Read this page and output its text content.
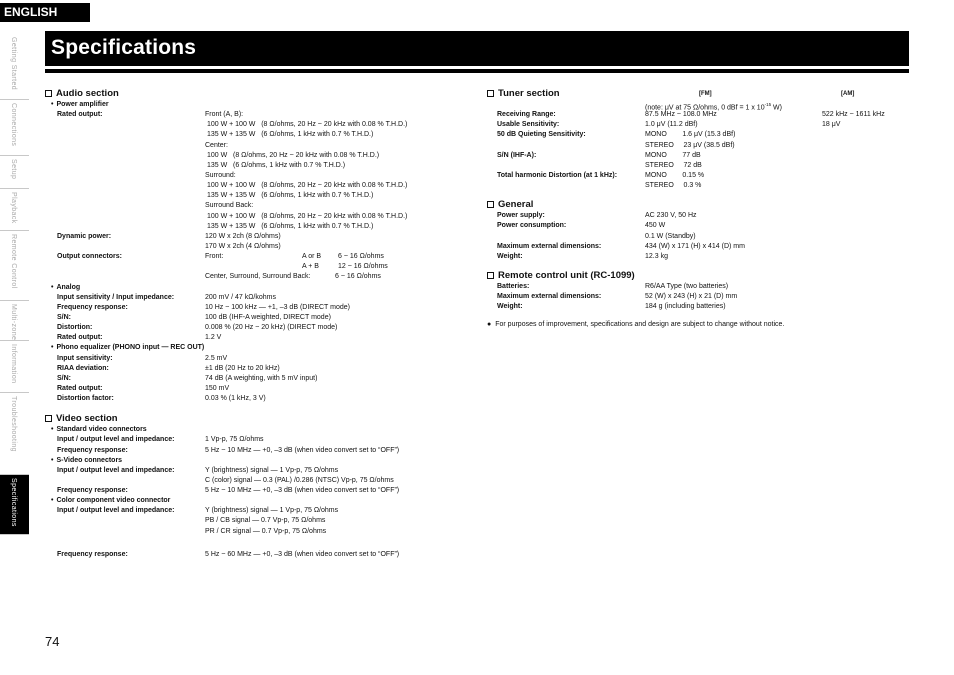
ENGLISH
Specifications
Getting Started
Connections
Setup
Playback
Remote Control
Multi-zone
Information
Troubleshooting
Specifications
Audio section
• Power amplifier
Rated output:	Front (A, B):
100 W + 100 W   (8 Ω/ohms, 20 Hz ~ 20 kHz with 0.08 % T.H.D.)
135 W + 135 W   (6 Ω/ohms, 1 kHz with 0.7 % T.H.D.)
Center:
100 W   (8 Ω/ohms, 20 Hz ~ 20 kHz with 0.08 % T.H.D.)
135 W   (6 Ω/ohms, 1 kHz with 0.7 % T.H.D.)
Surround:
100 W + 100 W   (8 Ω/ohms, 20 Hz ~ 20 kHz with 0.08 % T.H.D.)
135 W + 135 W   (6 Ω/ohms, 1 kHz with 0.7 % T.H.D.)
Surround Back:
100 W + 100 W   (8 Ω/ohms, 20 Hz ~ 20 kHz with 0.08 % T.H.D.)
135 W + 135 W   (6 Ω/ohms, 1 kHz with 0.7 % T.H.D.)
Dynamic power:	120 W x 2ch (8 Ω/ohms)
170 W x 2ch (4 Ω/ohms)
Output connectors:	Front:	A or B	6 ~ 16 Ω/ohms
A + B	12 ~ 16 Ω/ohms
Center, Surround, Surround Back:	6 ~ 16 Ω/ohms
• Analog
Input sensitivity / Input impedance:	200 mV / 47 kΩ/kohms
Frequency response:	10 Hz ~ 100 kHz — +1, –3 dB (DIRECT mode)
S/N:	100 dB (IHF-A weighted, DIRECT mode)
Distortion:	0.008 % (20 Hz ~ 20 kHz) (DIRECT mode)
Rated output:	1.2 V
• Phono equalizer (PHONO input — REC OUT)
Input sensitivity:	2.5 mV
RIAA deviation:	±1 dB (20 Hz to 20 kHz)
S/N:	74 dB (A weighting, with 5 mV input)
Rated output:	150 mV
Distortion factor:	0.03 % (1 kHz, 3 V)
Video section
• Standard video connectors
Input / output level and impedance:	1 Vp-p, 75 Ω/ohms
Frequency response:	5 Hz ~ 10 MHz — +0, –3 dB (when video convert set to “OFF”)
• S-Video connectors
Input / output level and impedance:	Y (brightness) signal — 1 Vp-p, 75 Ω/ohms
C (color) signal — 0.3 (PAL) /0.286 (NTSC) Vp-p, 75 Ω/ohms
Frequency response:	5 Hz ~ 10 MHz — +0, –3 dB (when video convert set to “OFF”)
• Color component video connector
Input / output level and impedance:	Y (brightness) signal — 1 Vp-p, 75 Ω/ohms
PB / CB signal — 0.7 Vp-p, 75 Ω/ohms
PR / CR signal — 0.7 Vp-p, 75 Ω/ohms
Frequency response:	5 Hz ~ 60 MHz — +0, –3 dB (when video convert set to “OFF”)
Tuner section	[FM]	[AM]
(note: μV at 75 Ω/ohms, 0 dBf = 1 x $10^{-15}$ W)
Receiving Range:	87.5 MHz ~ 108.0 MHz	522 kHz ~ 1611 kHz
Usable Sensitivity:	1.0 μV (11.2 dBf)	18 μV
50 dB Quieting Sensitivity:	MONO        1.6 μV (15.3 dBf)
STEREO     23 μV (38.5 dBf)
S/N (IHF-A):	MONO        77 dB
STEREO     72 dB
Total harmonic Distortion (at 1 kHz):	MONO        0.15 %
STEREO     0.3 %
General
Power supply:	AC 230 V, 50 Hz
Power consumption:	450 W
0.1 W (Standby)
Maximum external dimensions:	434 (W) x 171 (H) x 414 (D) mm
Weight:	12.3 kg
Remote control unit (RC-1099)
Batteries:	R6/AA Type (two batteries)
Maximum external dimensions:	52 (W) x 243 (H) x 21 (D) mm
Weight:	184 g (including batteries)
● For purposes of improvement, specifications and design are subject to change without notice.
74
